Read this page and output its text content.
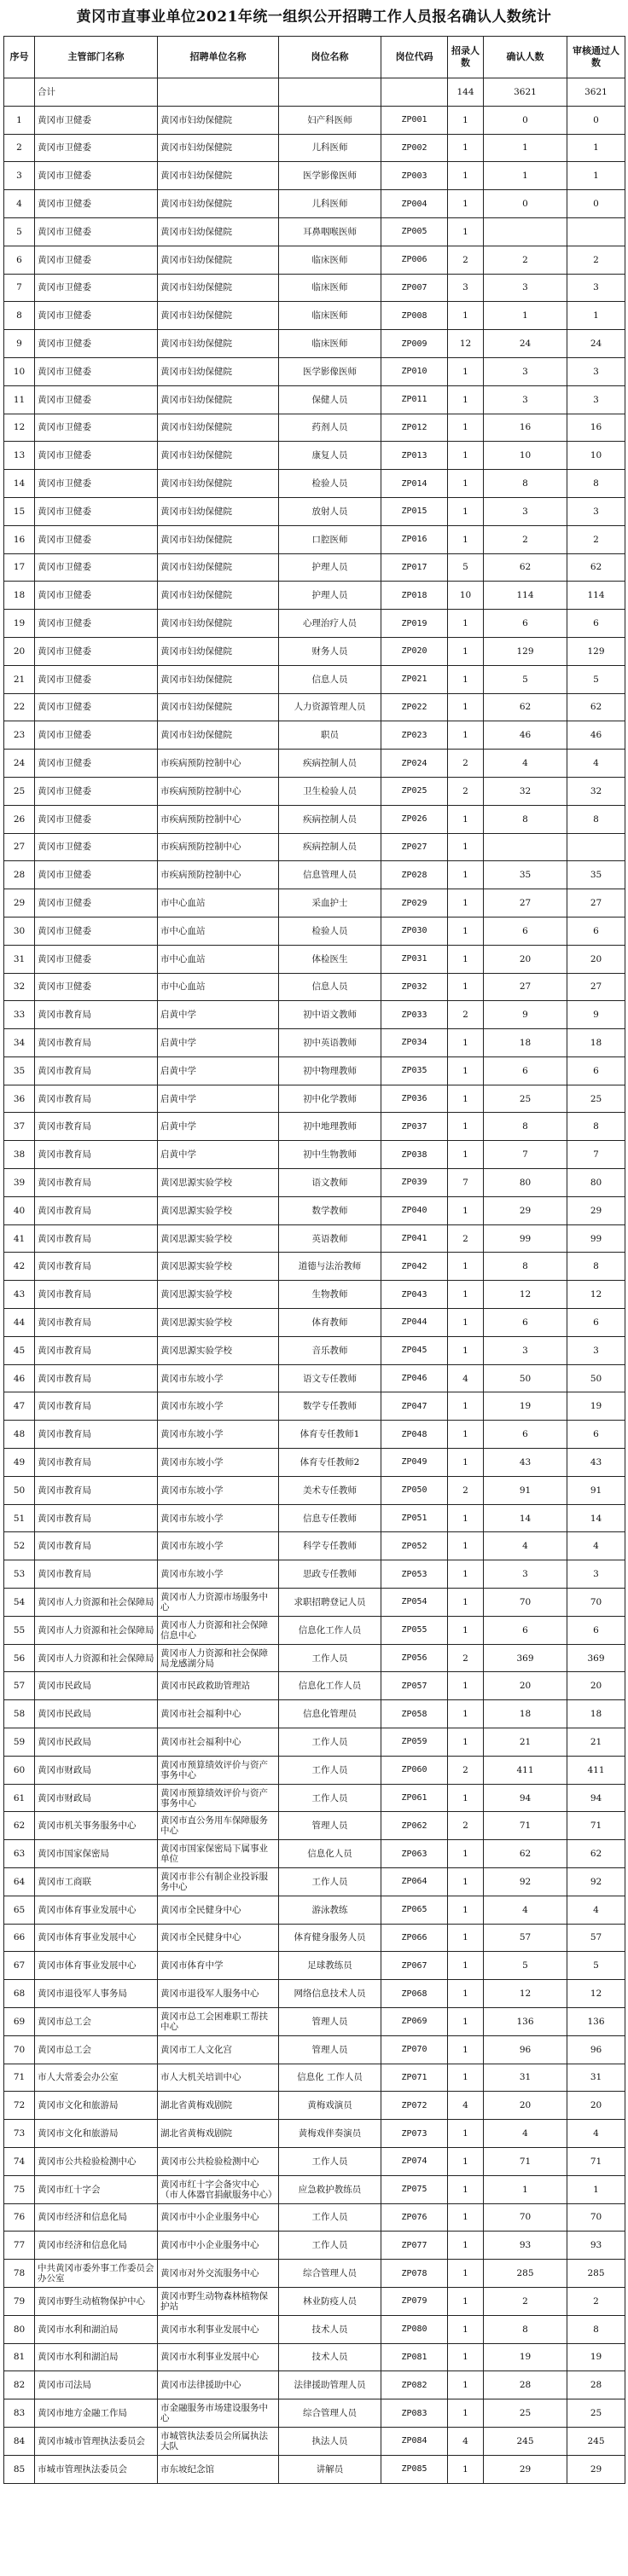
黄冈市直事业单位2021年统一组织公开招聘工作人员报名确认人数统计
序号	主管部门名称	招聘单位名称	岗位名称	岗位代码	招录人数	确认人数	审核通过人数
	合计				144	3621	3621
1	黄冈市卫健委	黄冈市妇幼保健院	妇产科医师	ZP001	1	0	0
2	黄冈市卫健委	黄冈市妇幼保健院	儿科医师	ZP002	1	1	1
3	黄冈市卫健委	黄冈市妇幼保健院	医学影像医师	ZP003	1	1	1
4	黄冈市卫健委	黄冈市妇幼保健院	儿科医师	ZP004	1	0	0
5	黄冈市卫健委	黄冈市妇幼保健院	耳鼻咽喉医师	ZP005	1		
6	黄冈市卫健委	黄冈市妇幼保健院	临床医师	ZP006	2	2	2
7	黄冈市卫健委	黄冈市妇幼保健院	临床医师	ZP007	3	3	3
8	黄冈市卫健委	黄冈市妇幼保健院	临床医师	ZP008	1	1	1
9	黄冈市卫健委	黄冈市妇幼保健院	临床医师	ZP009	12	24	24
10	黄冈市卫健委	黄冈市妇幼保健院	医学影像医师	ZP010	1	3	3
11	黄冈市卫健委	黄冈市妇幼保健院	保健人员	ZP011	1	3	3
12	黄冈市卫健委	黄冈市妇幼保健院	药剂人员	ZP012	1	16	16
13	黄冈市卫健委	黄冈市妇幼保健院	康复人员	ZP013	1	10	10
14	黄冈市卫健委	黄冈市妇幼保健院	检验人员	ZP014	1	8	8
15	黄冈市卫健委	黄冈市妇幼保健院	放射人员	ZP015	1	3	3
16	黄冈市卫健委	黄冈市妇幼保健院	口腔医师	ZP016	1	2	2
17	黄冈市卫健委	黄冈市妇幼保健院	护理人员	ZP017	5	62	62
18	黄冈市卫健委	黄冈市妇幼保健院	护理人员	ZP018	10	114	114
19	黄冈市卫健委	黄冈市妇幼保健院	心理治疗人员	ZP019	1	6	6
20	黄冈市卫健委	黄冈市妇幼保健院	财务人员	ZP020	1	129	129
21	黄冈市卫健委	黄冈市妇幼保健院	信息人员	ZP021	1	5	5
22	黄冈市卫健委	黄冈市妇幼保健院	人力资源管理人员	ZP022	1	62	62
23	黄冈市卫健委	黄冈市妇幼保健院	职员	ZP023	1	46	46
24	黄冈市卫健委	市疾病预防控制中心	疾病控制人员	ZP024	2	4	4
25	黄冈市卫健委	市疾病预防控制中心	卫生检验人员	ZP025	2	32	32
26	黄冈市卫健委	市疾病预防控制中心	疾病控制人员	ZP026	1	8	8
27	黄冈市卫健委	市疾病预防控制中心	疾病控制人员	ZP027	1		
28	黄冈市卫健委	市疾病预防控制中心	信息管理人员	ZP028	1	35	35
29	黄冈市卫健委	市中心血站	采血护士	ZP029	1	27	27
30	黄冈市卫健委	市中心血站	检验人员	ZP030	1	6	6
31	黄冈市卫健委	市中心血站	体检医生	ZP031	1	20	20
32	黄冈市卫健委	市中心血站	信息人员	ZP032	1	27	27
33	黄冈市教育局	启黄中学	初中语文教师	ZP033	2	9	9
34	黄冈市教育局	启黄中学	初中英语教师	ZP034	1	18	18
35	黄冈市教育局	启黄中学	初中物理教师	ZP035	1	6	6
36	黄冈市教育局	启黄中学	初中化学教师	ZP036	1	25	25
37	黄冈市教育局	启黄中学	初中地理教师	ZP037	1	8	8
38	黄冈市教育局	启黄中学	初中生物教师	ZP038	1	7	7
39	黄冈市教育局	黄冈思源实验学校	语文教师	ZP039	7	80	80
40	黄冈市教育局	黄冈思源实验学校	数学教师	ZP040	1	29	29
41	黄冈市教育局	黄冈思源实验学校	英语教师	ZP041	2	99	99
42	黄冈市教育局	黄冈思源实验学校	道德与法治教师	ZP042	1	8	8
43	黄冈市教育局	黄冈思源实验学校	生物教师	ZP043	1	12	12
44	黄冈市教育局	黄冈思源实验学校	体育教师	ZP044	1	6	6
45	黄冈市教育局	黄冈思源实验学校	音乐教师	ZP045	1	3	3
46	黄冈市教育局	黄冈市东坡小学	语文专任教师	ZP046	4	50	50
47	黄冈市教育局	黄冈市东坡小学	数学专任教师	ZP047	1	19	19
48	黄冈市教育局	黄冈市东坡小学	体育专任教师1	ZP048	1	6	6
49	黄冈市教育局	黄冈市东坡小学	体育专任教师2	ZP049	1	43	43
50	黄冈市教育局	黄冈市东坡小学	美术专任教师	ZP050	2	91	91
51	黄冈市教育局	黄冈市东坡小学	信息专任教师	ZP051	1	14	14
52	黄冈市教育局	黄冈市东坡小学	科学专任教师	ZP052	1	4	4
53	黄冈市教育局	黄冈市东坡小学	思政专任教师	ZP053	1	3	3
54	黄冈市人力资源和社会保障局	黄冈市人力资源市场服务中心	求职招聘登记人员	ZP054	1	70	70
55	黄冈市人力资源和社会保障局	黄冈市人力资源和社会保障信息中心	信息化工作人员	ZP055	1	6	6
56	黄冈市人力资源和社会保障局	黄冈市人力资源和社会保障局龙感湖分局	工作人员	ZP056	2	369	369
57	黄冈市民政局	黄冈市民政救助管理站	信息化工作人员	ZP057	1	20	20
58	黄冈市民政局	黄冈市社会福利中心	信息化管理员	ZP058	1	18	18
59	黄冈市民政局	黄冈市社会福利中心	工作人员	ZP059	1	21	21
60	黄冈市财政局	黄冈市预算绩效评价与资产事务中心	工作人员	ZP060	2	411	411
61	黄冈市财政局	黄冈市预算绩效评价与资产事务中心	工作人员	ZP061	1	94	94
62	黄冈市机关事务服务中心	黄冈市直公务用车保障服务中心	管理人员	ZP062	2	71	71
63	黄冈市国家保密局	黄冈市国家保密局下属事业单位	信息化人员	ZP063	1	62	62
64	黄冈市工商联	黄冈市非公有制企业投诉服务中心	工作人员	ZP064	1	92	92
65	黄冈市体育事业发展中心	黄冈市全民健身中心	游泳教练	ZP065	1	4	4
66	黄冈市体育事业发展中心	黄冈市全民健身中心	体育健身服务人员	ZP066	1	57	57
67	黄冈市体育事业发展中心	黄冈市体育中学	足球教练员	ZP067	1	5	5
68	黄冈市退役军人事务局	黄冈市退役军人服务中心	网络信息技术人员	ZP068	1	12	12
69	黄冈市总工会	黄冈市总工会困难职工帮扶中心	管理人员	ZP069	1	136	136
70	黄冈市总工会	黄冈市工人文化宫	管理人员	ZP070	1	96	96
71	市人大常委会办公室	市人大机关培训中心	信息化 工作人员	ZP071	1	31	31
72	黄冈市文化和旅游局	湖北省黄梅戏剧院	黄梅戏演员	ZP072	4	20	20
73	黄冈市文化和旅游局	湖北省黄梅戏剧院	黄梅戏伴奏演员	ZP073	1	4	4
74	黄冈市公共检验检测中心	黄冈市公共检验检测中心	工作人员	ZP074	1	71	71
75	黄冈市红十字会	黄冈市红十字会备灾中心（市人体器官捐献服务中心）	应急救护教练员	ZP075	1	1	1
76	黄冈市经济和信息化局	黄冈市中小企业服务中心	工作人员	ZP076	1	70	70
77	黄冈市经济和信息化局	黄冈市中小企业服务中心	工作人员	ZP077	1	93	93
78	中共黄冈市委外事工作委员会办公室	黄冈市对外交流服务中心	综合管理人员	ZP078	1	285	285
79	黄冈市野生动植物保护中心	黄冈市野生动物森林植物保护站	林业防疫人员	ZP079	1	2	2
80	黄冈市水利和湖泊局	黄冈市水利事业发展中心	技术人员	ZP080	1	8	8
81	黄冈市水利和湖泊局	黄冈市水利事业发展中心	技术人员	ZP081	1	19	19
82	黄冈市司法局	黄冈市法律援助中心	法律援助管理人员	ZP082	1	28	28
83	黄冈市地方金融工作局	市金融服务市场建设服务中心	综合管理人员	ZP083	1	25	25
84	黄冈市城市管理执法委员会	市城管执法委员会所属执法大队	执法人员	ZP084	4	245	245
85	市城市管理执法委员会	市东坡纪念馆	讲解员	ZP085	1	29	29
